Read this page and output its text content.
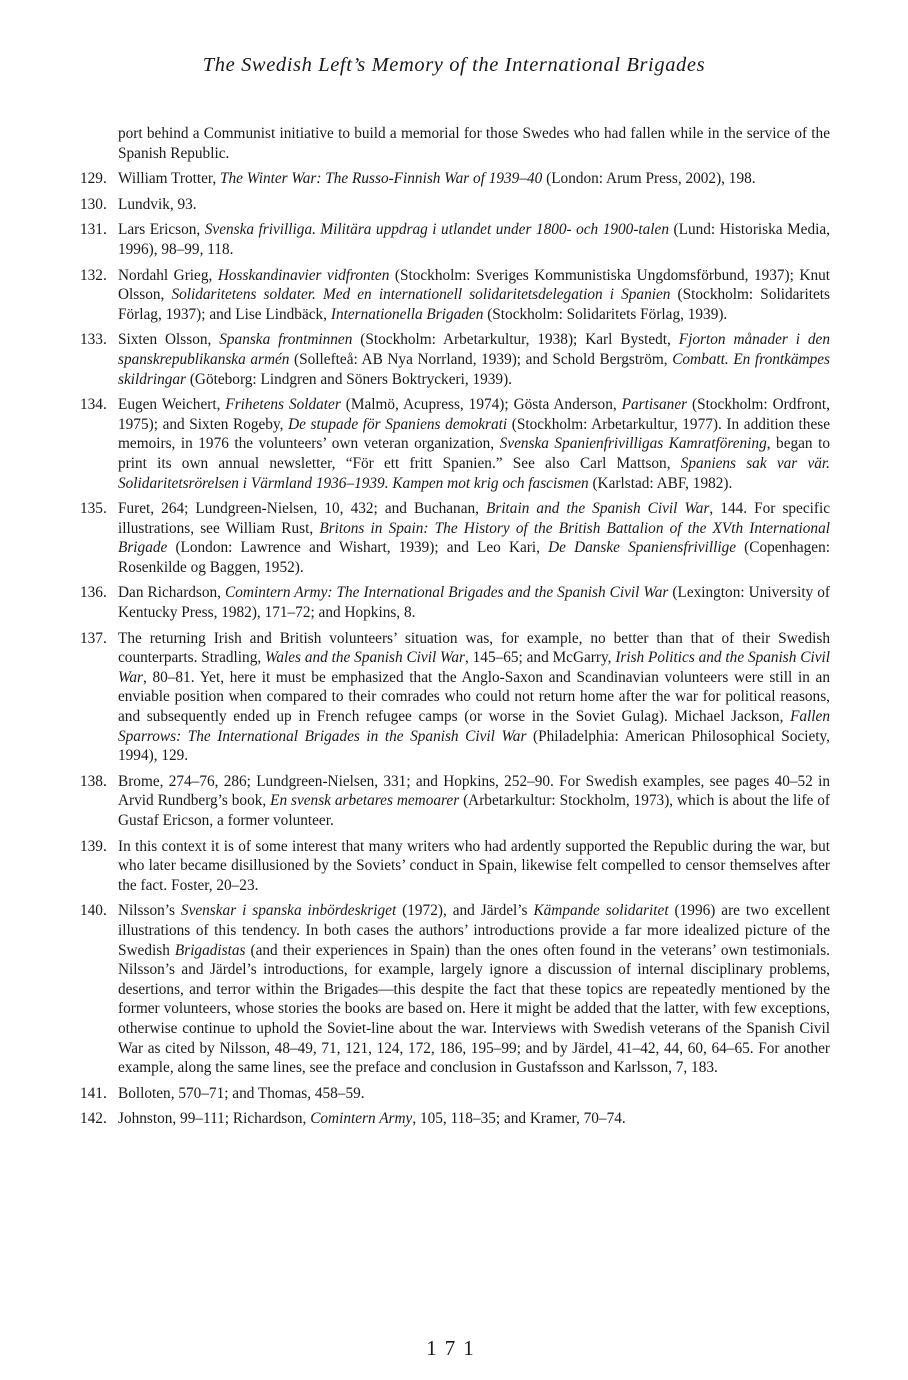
The Swedish Left’s Memory of the International Brigades
port behind a Communist initiative to build a memorial for those Swedes who had fallen while in the service of the Spanish Republic.
129. William Trotter, The Winter War: The Russo-Finnish War of 1939–40 (London: Arum Press, 2002), 198.
130. Lundvik, 93.
131. Lars Ericson, Svenska frivilliga. Militära uppdrag i utlandet under 1800- och 1900-talen (Lund: Historiska Media, 1996), 98–99, 118.
132. Nordahl Grieg, Hosskandinavier vidfronten (Stockholm: Sveriges Kommunistiska Ungdomsförbund, 1937); Knut Olsson, Solidaritetens soldater. Med en internationell solidaritetsdelegation i Spanien (Stockholm: Solidaritets Förlag, 1937); and Lise Lindbäck, Internationella Brigaden (Stockholm: Solidaritets Förlag, 1939).
133. Sixten Olsson, Spanska frontminnen (Stockholm: Arbetarkultur, 1938); Karl Bystedt, Fjorton månader i den spanskrepublikanska armén (Sollefteå: AB Nya Norrland, 1939); and Schold Bergström, Combatt. En frontkämpes skildringar (Göteborg: Lindgren and Söners Boktryckeri, 1939).
134. Eugen Weichert, Frihetens Soldater (Malmö, Acupress, 1974); Gösta Anderson, Partisaner (Stockholm: Ordfront, 1975); and Sixten Rogeby, De stupade för Spaniens demokrati (Stockholm: Arbetarkultur, 1977). In addition these memoirs, in 1976 the volunteers’ own veteran organization, Svenska Spanienfrivilligas Kamratförening, began to print its own annual newsletter, “För ett fritt Spanien.” See also Carl Mattson, Spaniens sak var vär. Solidaritetsrörelsen i Värmland 1936–1939. Kampen mot krig och fascismen (Karlstad: ABF, 1982).
135. Furet, 264; Lundgreen-Nielsen, 10, 432; and Buchanan, Britain and the Spanish Civil War, 144. For specific illustrations, see William Rust, Britons in Spain: The History of the British Battalion of the XVth International Brigade (London: Lawrence and Wishart, 1939); and Leo Kari, De Danske Spaniensfrivillige (Copenhagen: Rosenkilde og Baggen, 1952).
136. Dan Richardson, Comintern Army: The International Brigades and the Spanish Civil War (Lexington: University of Kentucky Press, 1982), 171–72; and Hopkins, 8.
137. The returning Irish and British volunteers’ situation was, for example, no better than that of their Swedish counterparts. Stradling, Wales and the Spanish Civil War, 145–65; and McGarry, Irish Politics and the Spanish Civil War, 80–81. Yet, here it must be emphasized that the Anglo-Saxon and Scandinavian volunteers were still in an enviable position when compared to their comrades who could not return home after the war for political reasons, and subsequently ended up in French refugee camps (or worse in the Soviet Gulag). Michael Jackson, Fallen Sparrows: The International Brigades in the Spanish Civil War (Philadelphia: American Philosophical Society, 1994), 129.
138. Brome, 274–76, 286; Lundgreen-Nielsen, 331; and Hopkins, 252–90. For Swedish examples, see pages 40–52 in Arvid Rundberg’s book, En svensk arbetares memoarer (Arbetarkultur: Stockholm, 1973), which is about the life of Gustaf Ericson, a former volunteer.
139. In this context it is of some interest that many writers who had ardently supported the Republic during the war, but who later became disillusioned by the Soviets’ conduct in Spain, likewise felt compelled to censor themselves after the fact. Foster, 20–23.
140. Nilsson’s Svenskar i spanska inbördeskriget (1972), and Järdel’s Kämpande solidaritet (1996) are two excellent illustrations of this tendency. In both cases the authors’ introductions provide a far more idealized picture of the Swedish Brigadistas (and their experiences in Spain) than the ones often found in the veterans’ own testimonials. Nilsson’s and Järdel’s introductions, for example, largely ignore a discussion of internal disciplinary problems, desertions, and terror within the Brigades—this despite the fact that these topics are repeatedly mentioned by the former volunteers, whose stories the books are based on. Here it might be added that the latter, with few exceptions, otherwise continue to uphold the Soviet-line about the war. Interviews with Swedish veterans of the Spanish Civil War as cited by Nilsson, 48–49, 71, 121, 124, 172, 186, 195–99; and by Järdel, 41–42, 44, 60, 64–65. For another example, along the same lines, see the preface and conclusion in Gustafsson and Karlsson, 7, 183.
141. Bolloten, 570–71; and Thomas, 458–59.
142. Johnston, 99–111; Richardson, Comintern Army, 105, 118–35; and Kramer, 70–74.
171
